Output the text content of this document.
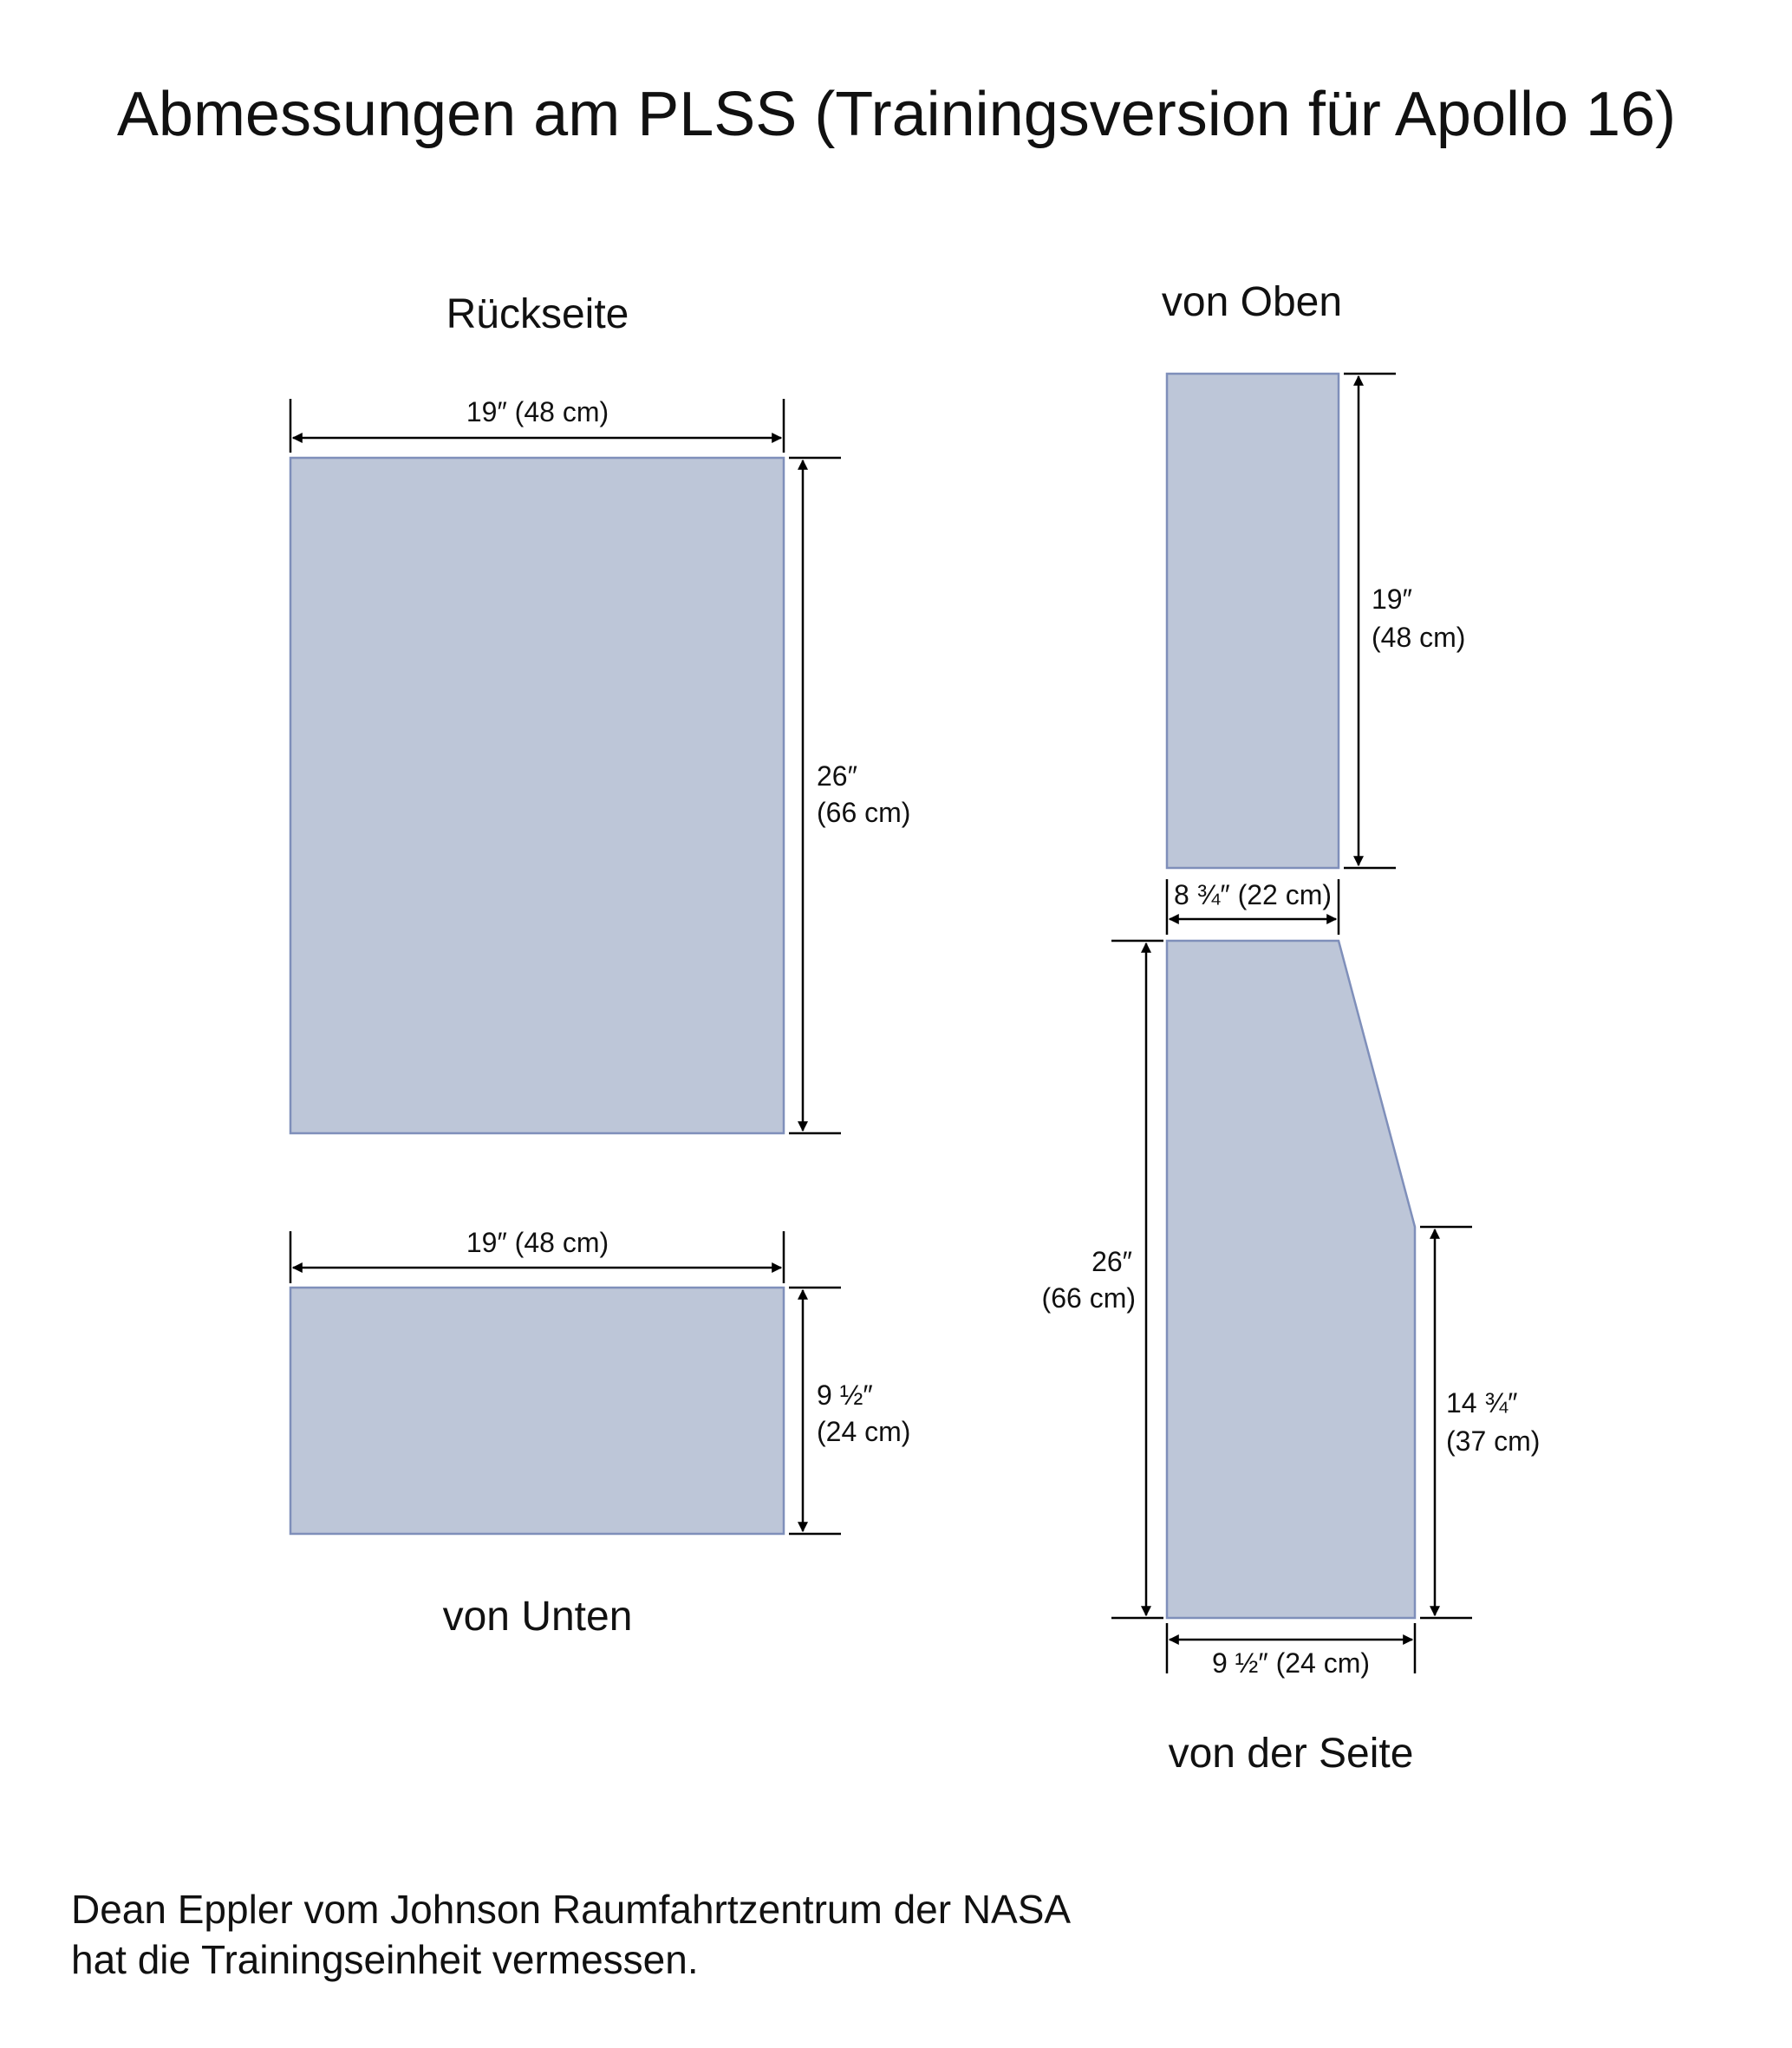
Abmessungen am PLSS (Trainingsversion für Apollo 16)
Rückseite
19″ (48 cm)
26″
(66 cm)
19″ (48 cm)
9 ½″
(24 cm)
von Unten
von Oben
19″
(48 cm)
8 ¾″ (22 cm)
26″
(66 cm)
14 ¾″
(37 cm)
9 ½″ (24 cm)
von der Seite
Dean Eppler vom Johnson Raumfahrtzentrum der NASA
hat die Trainingseinheit vermessen.
